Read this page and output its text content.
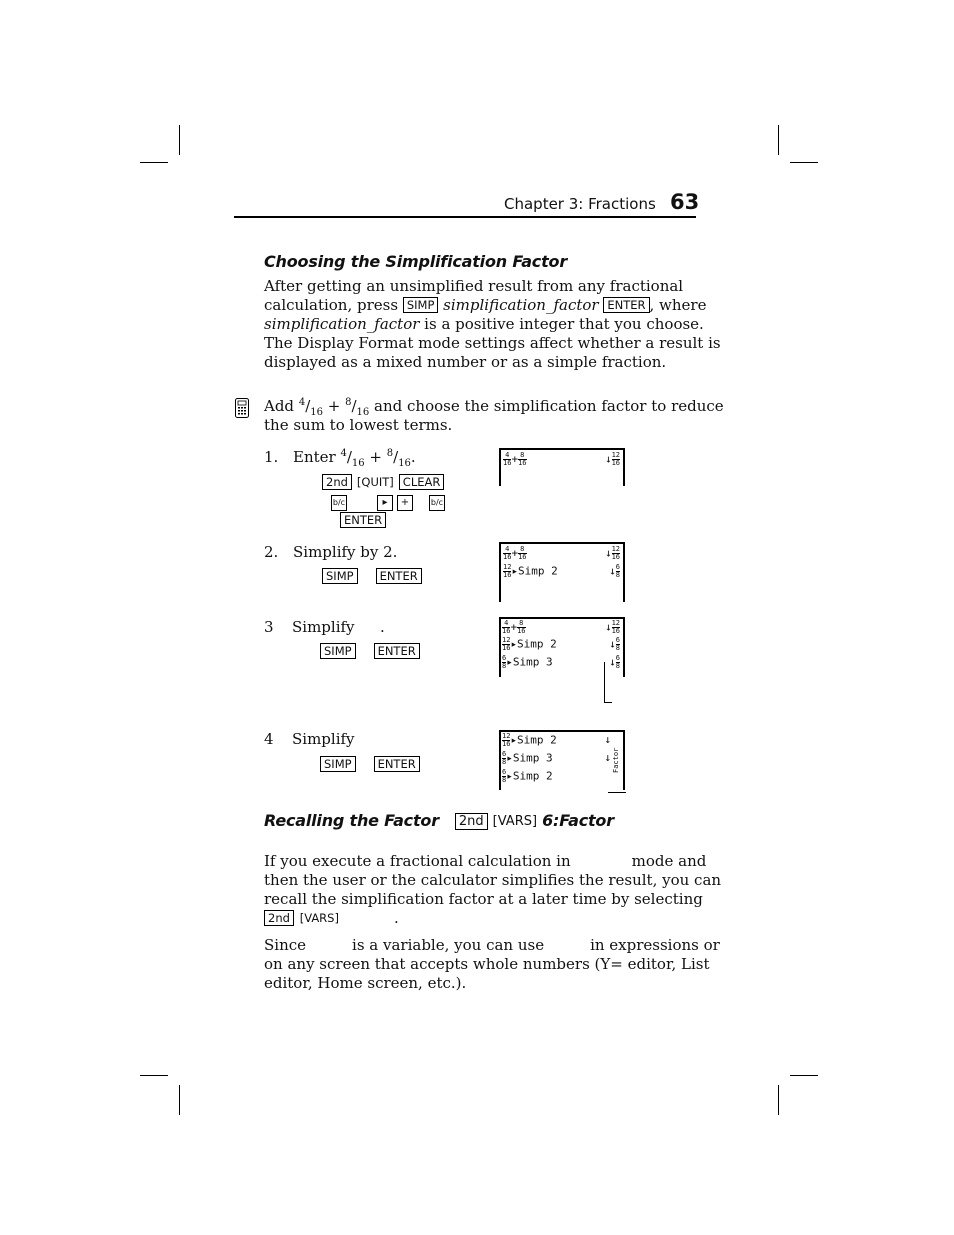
Chapter 3: Fractions 63
Choosing the Simplification Factor
After getting an unsimplified result from any fractional
calculation, press SIMP simplification_factor ENTER , where
simplification_factor is a positive integer that you choose.
The Display Format mode settings affect whether a result is
displayed as a mixed number or as a simple fraction.
Add $^4/_{16} + ^8/_{16}$ and choose the simplification factor to reduce
the sum to lowest terms.
1. Enter $^4/_{16} + ^8/_{16}$.
2nd [QUIT] CLEAR
b/c	▸ +	b/c
ENTER
$\frac{4}{16} + \frac{8}{16}$	↓ $\frac{12}{16}$
2. Simplify by 2.
SIMP ENTER
$\frac{4}{16} + \frac{8}{16}$	↓ $\frac{12}{16}$
$\frac{12}{16}$ ▸Simp 2	↓ $\frac{6}{8}$
3 Simplify .
SIMP ENTER
$\frac{4}{16} + \frac{8}{16}$	↓ $\frac{12}{16}$
$\frac{12}{16}$ ▸Simp 2	↓ $\frac{6}{8}$
$\frac{6}{8}$ ▸Simp 3	↓ $\frac{6}{8}$
4 Simplify
SIMP ENTER
$\frac{12}{16}$ ▸Simp 2	↓
$\frac{6}{8}$ ▸Simp 3	↓
$\frac{6}{8}$ ▸Simp 2
Factor
Recalling the Factor 2nd [VARS] 6:Factor
If you execute a fractional calculation in	mode and
then the user or the calculator simplifies the result, you can
recall the simplification factor at a later time by selecting
2nd [VARS]	.
Since	is a variable, you can use	in expressions or
on any screen that accepts whole numbers (Y= editor, List
editor, Home screen, etc.).
